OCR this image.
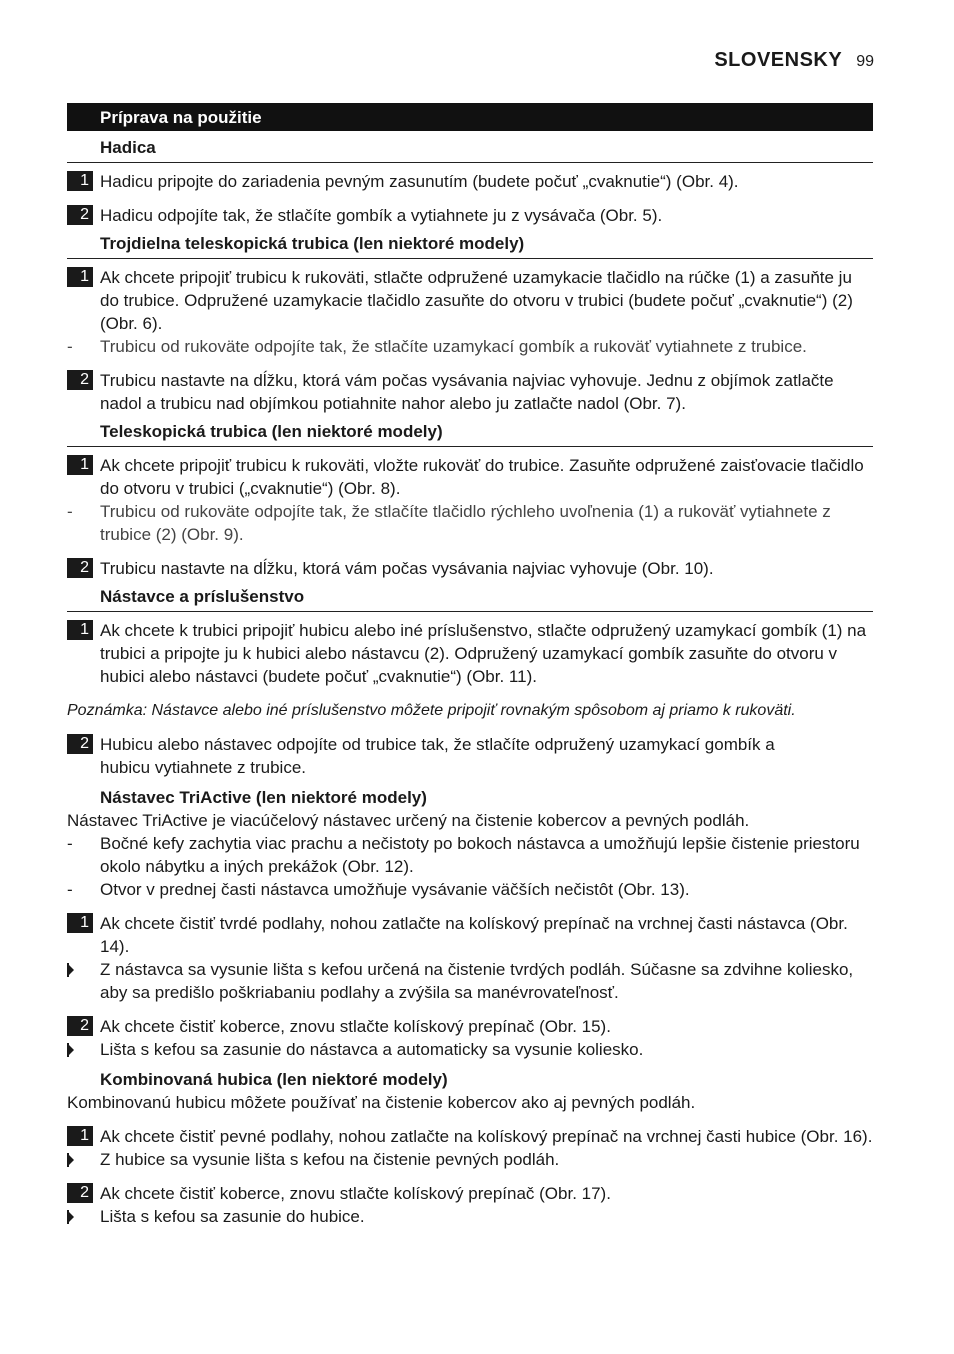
SLOVENSKY 99
Príprava na použitie
Hadica
1 Hadicu pripojte do zariadenia pevným zasunutím (budete počuť „cvaknutie“) (Obr. 4).
2 Hadicu odpojíte tak, že stlačíte gombík a vytiahnete ju z vysávača (Obr. 5).
Trojdielna teleskopická trubica (len niektoré modely)
1 Ak chcete pripojiť trubicu k rukoväti, stlačte odpružené uzamykacie tlačidlo na rúčke (1) a zasuňte ju do trubice. Odpružené uzamykacie tlačidlo zasuňte do otvoru v trubici (budete počuť „cvaknutie“) (2) (Obr. 6).
- Trubicu od rukoväte odpojíte tak, že stlačíte uzamykací gombík a rukoväť vytiahnete z trubice.
2 Trubicu nastavte na dĺžku, ktorá vám počas vysávania najviac vyhovuje. Jednu z objímok zatlačte nadol a trubicu nad objímkou potiahnite nahor alebo ju zatlačte nadol (Obr. 7).
Teleskopická trubica (len niektoré modely)
1 Ak chcete pripojiť trubicu k rukoväti, vložte rukoväť do trubice. Zasuňte odpružené zaisťovacie tlačidlo do otvoru v trubici („cvaknutie“) (Obr. 8).
- Trubicu od rukoväte odpojíte tak, že stlačíte tlačidlo rýchleho uvoľnenia (1) a rukoväť vytiahnete z trubice (2) (Obr. 9).
2 Trubicu nastavte na dĺžku, ktorá vám počas vysávania najviac vyhovuje (Obr. 10).
Nástavce a príslušenstvo
1 Ak chcete k trubici pripojiť hubicu alebo iné príslušenstvo, stlačte odpružený uzamykací gombík (1) na trubici a pripojte ju k hubici alebo nástavcu (2). Odpružený uzamykací gombík zasuňte do otvoru v hubici alebo nástavci (budete počuť „cvaknutie“) (Obr. 11).
Poznámka: Nástavce alebo iné príslušenstvo môžete pripojiť rovnakým spôsobom aj priamo k rukoväti.
2 Hubicu alebo nástavec odpojíte od trubice tak, že stlačíte odpružený uzamykací gombík a hubicu vytiahnete z trubice.
Nástavec TriActive (len niektoré modely)
Nástavec TriActive je viacúčelový nástavec určený na čistenie kobercov a pevných podláh.
- Bočné kefy zachytia viac prachu a nečistoty po bokoch nástavca a umožňujú lepšie čistenie priestoru okolo nábytku a iných prekážok (Obr. 12).
- Otvor v prednej časti nástavca umožňuje vysávanie väčších nečistôt (Obr. 13).
1 Ak chcete čistiť tvrdé podlahy, nohou zatlačte na kolískový prepínač na vrchnej časti nástavca (Obr. 14).
Z nástavca sa vysunie lišta s kefou určená na čistenie tvrdých podláh. Súčasne sa zdvihne koliesko, aby sa predišlo poškriabaniu podlahy a zvýšila sa manévrovateľnosť.
2 Ak chcete čistiť koberce, znovu stlačte kolískový prepínač (Obr. 15).
Lišta s kefou sa zasunie do nástavca a automaticky sa vysunie koliesko.
Kombinovaná hubica (len niektoré modely)
Kombinovanú hubicu môžete používať na čistenie kobercov ako aj pevných podláh.
1 Ak chcete čistiť pevné podlahy, nohou zatlačte na kolískový prepínač na vrchnej časti hubice (Obr. 16).
Z hubice sa vysunie lišta s kefou na čistenie pevných podláh.
2 Ak chcete čistiť koberce, znovu stlačte kolískový prepínač (Obr. 17).
Lišta s kefou sa zasunie do hubice.
